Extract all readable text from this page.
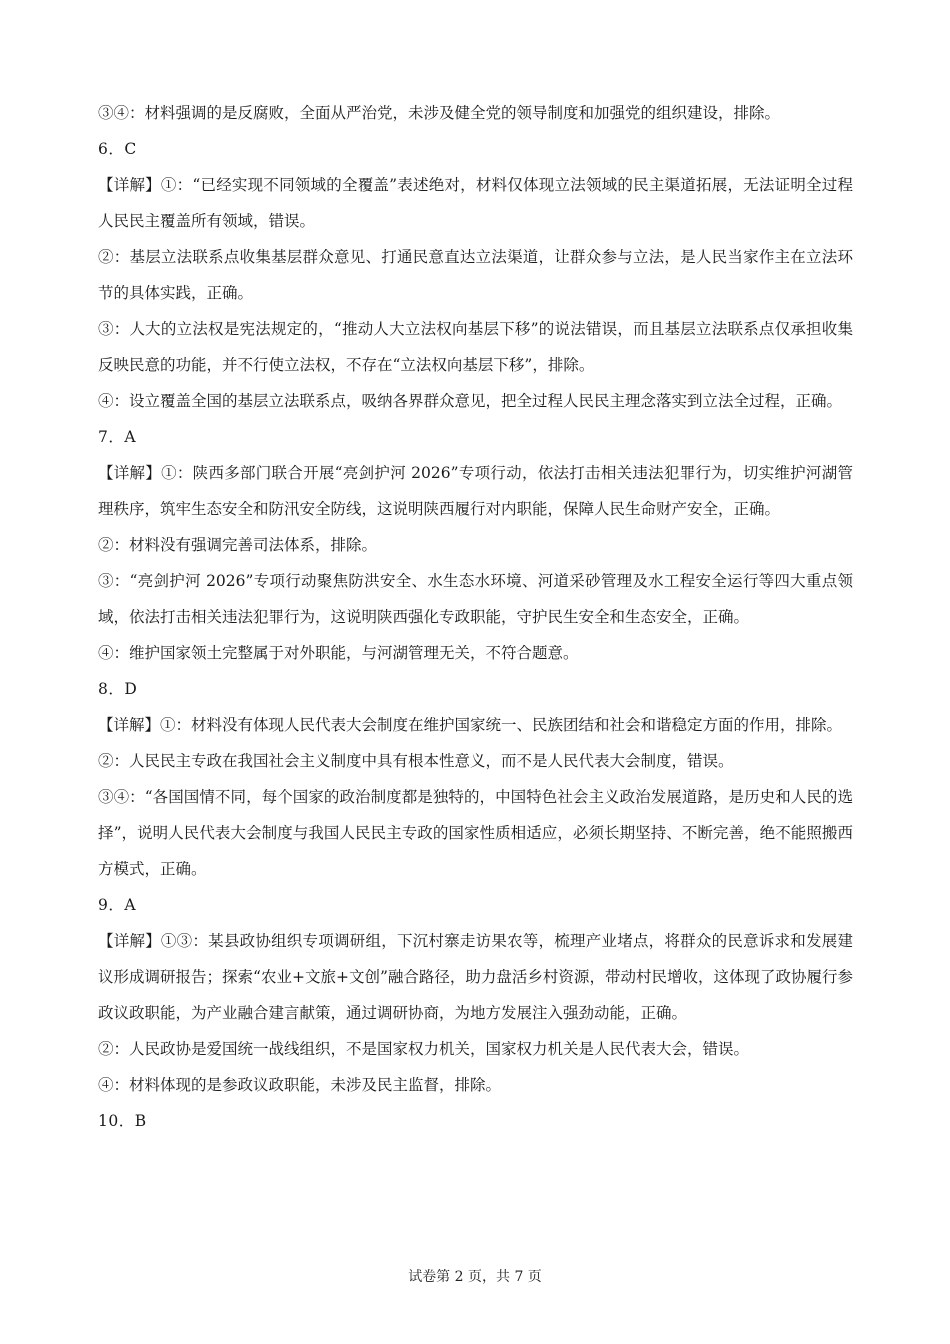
③④：材料强调的是反腐败，全面从严治党，未涉及健全党的领导制度和加强党的组织建设，排除。

6．C

【详解】①：“已经实现不同领域的全覆盖”表述绝对，材料仅体现立法领域的民主渠道拓展，无法证明全过程人民民主覆盖所有领域，错误。

②：基层立法联系点收集基层群众意见、打通民意直达立法渠道，让群众参与立法，是人民当家作主在立法环节的具体实践，正确。

③：人大的立法权是宪法规定的，“推动人大立法权向基层下移”的说法错误，而且基层立法联系点仅承担收集反映民意的功能，并不行使立法权，不存在“立法权向基层下移”，排除。

④：设立覆盖全国的基层立法联系点，吸纳各界群众意见，把全过程人民民主理念落实到立法全过程，正确。

7．A

【详解】①：陕西多部门联合开展“亮剑护河 2026”专项行动，依法打击相关违法犯罪行为，切实维护河湖管理秩序，筑牢生态安全和防汛安全防线，这说明陕西履行对内职能，保障人民生命财产安全，正确。

②：材料没有强调完善司法体系，排除。

③：“亮剑护河 2026”专项行动聚焦防洪安全、水生态水环境、河道采砂管理及水工程安全运行等四大重点领域，依法打击相关违法犯罪行为，这说明陕西强化专政职能，守护民生安全和生态安全，正确。

④：维护国家领土完整属于对外职能，与河湖管理无关，不符合题意。

8．D

【详解】①：材料没有体现人民代表大会制度在维护国家统一、民族团结和社会和谐稳定方面的作用，排除。

②：人民民主专政在我国社会主义制度中具有根本性意义，而不是人民代表大会制度，错误。

③④：“各国国情不同，每个国家的政治制度都是独特的，中国特色社会主义政治发展道路，是历史和人民的选择”，说明人民代表大会制度与我国人民民主专政的国家性质相适应，必须长期坚持、不断完善，绝不能照搬西方模式，正确。

9．A

【详解】①③：某县政协组织专项调研组，下沉村寨走访果农等，梳理产业堵点，将群众的民意诉求和发展建议形成调研报告；探索“农业+文旅+文创”融合路径，助力盘活乡村资源，带动村民增收，这体现了政协履行参政议政职能，为产业融合建言献策，通过调研协商，为地方发展注入强劲动能，正确。

②：人民政协是爱国统一战线组织，不是国家权力机关，国家权力机关是人民代表大会，错误。

④：材料体现的是参政议政职能，未涉及民主监督，排除。

10．B

试卷第 2 页，共 7 页
